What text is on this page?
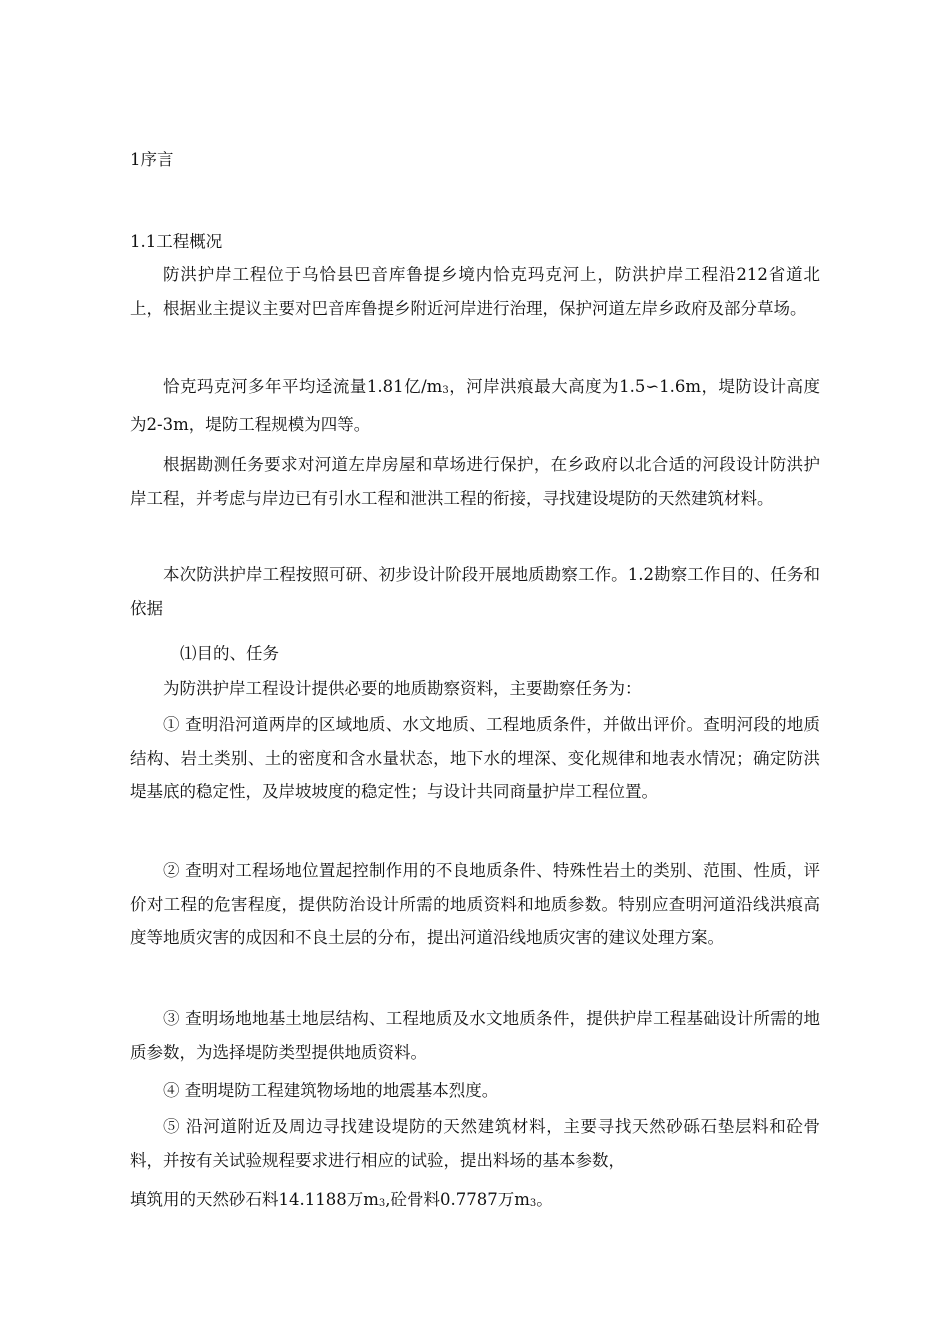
1序言
1.1工程概况
防洪护岸工程位于乌恰县巴音库鲁提乡境内恰克玛克河上，防洪护岸工程沿212省道北上，根据业主提议主要对巴音库鲁提乡附近河岸进行治理，保护河道左岸乡政府及部分草场。
恰克玛克河多年平均迳流量1.81亿/m3，河岸洪痕最大高度为1.5∽1.6m，堤防设计高度为2-3m，堤防工程规模为四等。
根据勘测任务要求对河道左岸房屋和草场进行保护，在乡政府以北合适的河段设计防洪护岸工程，并考虑与岸边已有引水工程和泄洪工程的衔接，寻找建设堤防的天然建筑材料。
本次防洪护岸工程按照可研、初步设计阶段开展地质勘察工作。1.2勘察工作目的、任务和依据
⑴目的、任务
为防洪护岸工程设计提供必要的地质勘察资料，主要勘察任务为：
① 查明沿河道两岸的区域地质、水文地质、工程地质条件，并做出评价。查明河段的地质结构、岩土类别、土的密度和含水量状态，地下水的埋深、变化规律和地表水情况；确定防洪堤基底的稳定性，及岸坡坡度的稳定性；与设计共同商量护岸工程位置。
② 查明对工程场地位置起控制作用的不良地质条件、特殊性岩土的类别、范围、性质，评价对工程的危害程度，提供防治设计所需的地质资料和地质参数。特别应查明河道沿线洪痕高度等地质灾害的成因和不良土层的分布，提出河道沿线地质灾害的建议处理方案。
③ 查明场地地基土地层结构、工程地质及水文地质条件，提供护岸工程基础设计所需的地质参数，为选择堤防类型提供地质资料。
④ 查明堤防工程建筑物场地的地震基本烈度。
⑤ 沿河道附近及周边寻找建设堤防的天然建筑材料，主要寻找天然砂砾石垫层料和砼骨料，并按有关试验规程要求进行相应的试验，提出料场的基本参数，
填筑用的天然砂石料14.1188万m3,砼骨料0.7787万m3。
